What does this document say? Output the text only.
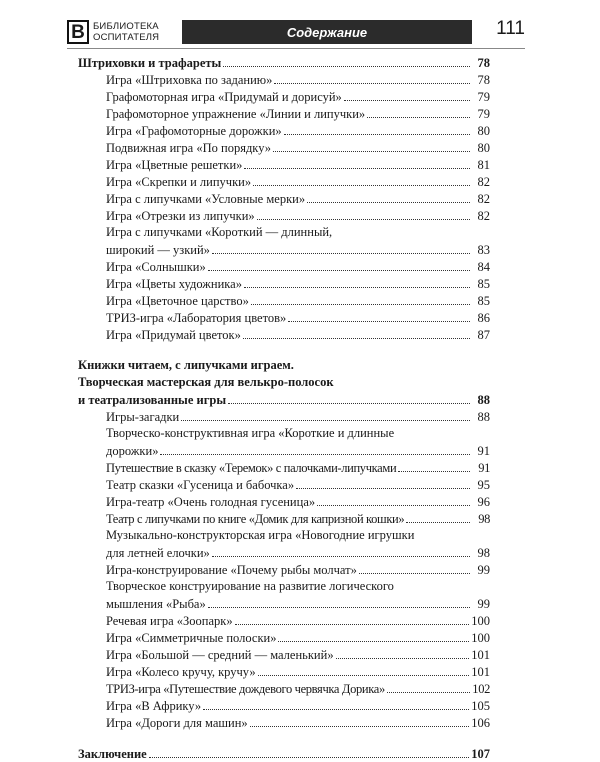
В БИБЛИОТЕКА
ОСПИТАТЕЛЯ	Содержание	111
Штриховки и трафареты	78
Игра «Штриховка по заданию»	78
Графомоторная игра «Придумай и дорисуй»	79
Графомоторное упражнение «Линии и липучки»	79
Игра «Графомоторные дорожки»	80
Подвижная игра «По порядку»	80
Игра «Цветные решетки»	81
Игра «Скрепки и липучки»	82
Игра с липучками «Условные мерки»	82
Игра «Отрезки из липучки»	82
Игра с липучками «Короткий — длинный,
широкий — узкий»	83
Игра «Солнышки»	84
Игра «Цветы художника»	85
Игра «Цветочное царство»	85
ТРИЗ-игра «Лаборатория цветов»	86
Игра «Придумай цветок»	87
Книжки читаем, с липучками играем.
Творческая мастерская для велькро-полосок
и театрализованные игры	88
Игры-загадки	88
Творческо-конструктивная игра «Короткие и длинные
дорожки»	91
Путешествие в сказку «Теремок» с палочками-липучками	91
Театр сказки «Гусеница и бабочка»	95
Игра-театр «Очень голодная гусеница»	96
Театр с липучками по книге «Домик для капризной кошки»	98
Музыкально-конструкторская игра «Новогодние игрушки
для летней елочки»	98
Игра-конструирование «Почему рыбы молчат»	99
Творческое конструирование на развитие логического
мышления «Рыба»	99
Речевая игра «Зоопарк»	100
Игра «Симметричные полоски»	100
Игра «Большой — средний — маленький»	101
Игра «Колесо кручу, кручу»	101
ТРИЗ-игра «Путешествие дождевого червячка Дорика»	102
Игра «В Африку»	105
Игра «Дороги для машин»	106
Заключение	107
